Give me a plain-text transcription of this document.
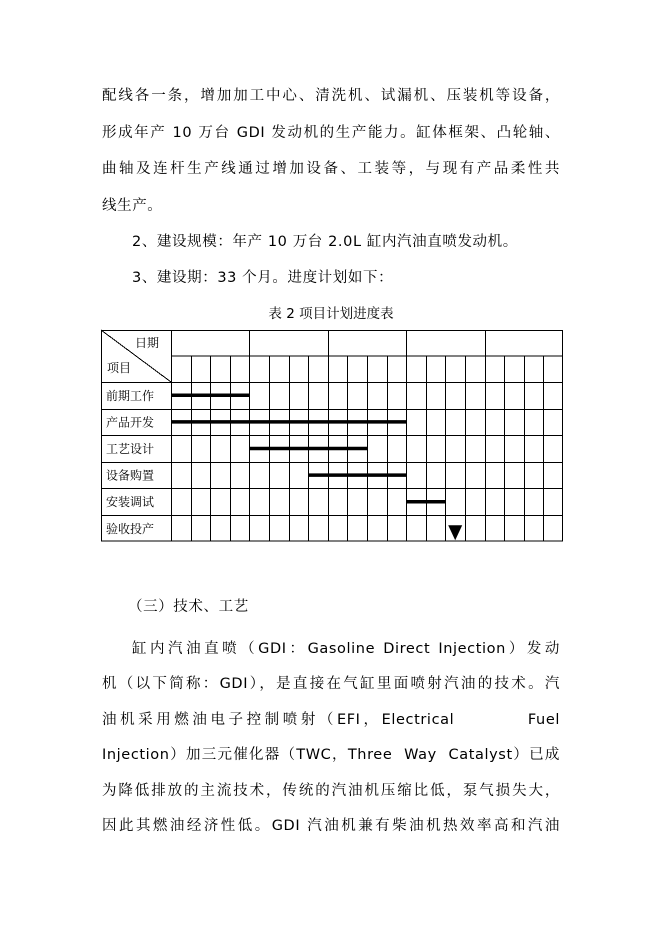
配线各一条，增加加工中心、清洗机、试漏机、压装机等设备，
形成年产 10 万台 GDI 发动机的生产能力。缸体框架、凸轮轴、
曲轴及连杆生产线通过增加设备、工装等，与现有产品柔性共
线生产。
2、建设规模：年产 10 万台 2.0L 缸内汽油直喷发动机。
3、建设期：33 个月。进度计划如下：
表 2 项目计划进度表
日期
项目
前期工作
产品开发
工艺设计
设备购置
安装调试
验收投产
（三）技术、工艺
缸内汽油直喷（GDI：Gasoline Direct Injection）发动
机（以下简称：GDI），是直接在气缸里面喷射汽油的技术。汽
油机采用燃油电子控制喷射（EFI，Electrical         Fuel
Injection）加三元催化器（TWC，Three  Way  Catalyst）已成
为降低排放的主流技术，传统的汽油机压缩比低，泵气损失大，
因此其燃油经济性低。GDI 汽油机兼有柴油机热效率高和汽油
